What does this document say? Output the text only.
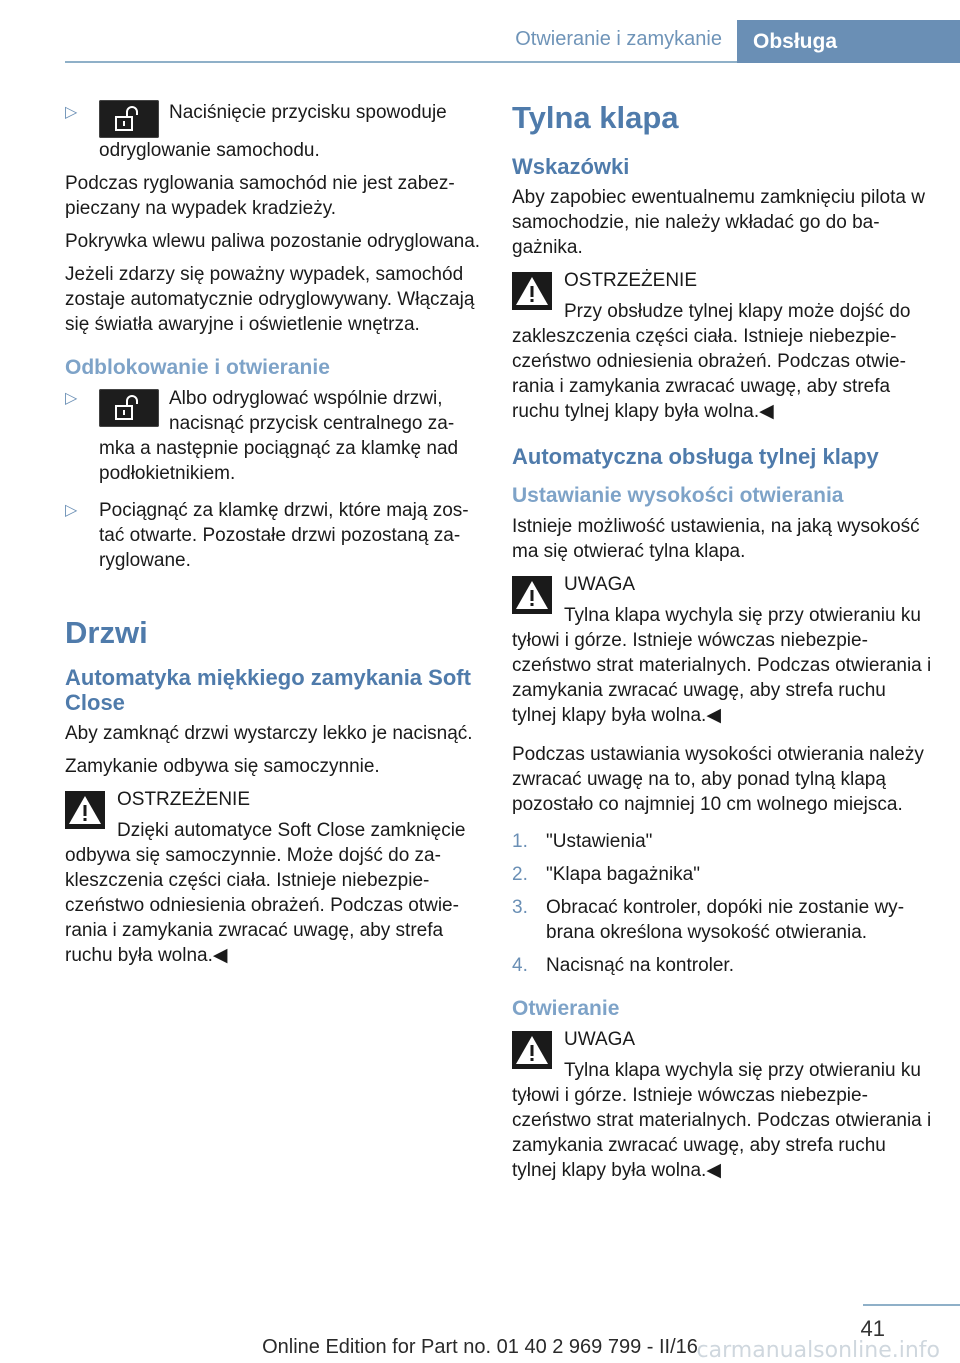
Otwieranie i zamykanie	Obsługa
▷	Naciśnięcie przycisku spowoduje odryglowanie samochodu.

Podczas ryglowania samochód nie jest zabezpieczany na wypadek kradzieży.

Pokrywka wlewu paliwa pozostanie odryglowana.

Jeżeli zdarzy się poważny wypadek, samochód zostaje automatycznie odryglowywany. Włączają się światła awaryjne i oświetlenie wnętrza.

Odblokowanie i otwieranie
▷	Albo odryglować wspólnie drzwi, nacisnąć przycisk centralnego zamka a następnie pociągnąć za klamkę nad podłokietnikiem.
▷ Pociągnąć za klamkę drzwi, które mają zostać otwarte. Pozostałe drzwi pozostaną zaryglowane.
Drzwi
Automatyka miękkiego zamykania Soft Close

Aby zamknąć drzwi wystarczy lekko je nacisnąć.

Zamykanie odbywa się samoczynnie.

OSTRZEŻENIE
Dzięki automatyce Soft Close zamknięcie odbywa się samoczynnie. Może dojść do zakleszczenia części ciała. Istnieje niebezpieczeństwo odniesienia obrażeń. Podczas otwierania i zamykania zwracać uwagę, aby strefa ruchu była wolna.◀
Tylna klapa
Wskazówki

Aby zapobiec ewentualnemu zamknięciu pilota w samochodzie, nie należy wkładać go do bagażnika.

OSTRZEŻENIE
Przy obsłudze tylnej klapy może dojść do zakleszczenia części ciała. Istnieje niebezpieczeństwo odniesienia obrażeń. Podczas otwierania i zamykania zwracać uwagę, aby strefa ruchu tylnej klapy była wolna.◀
Automatyczna obsługa tylnej klapy
Ustawianie wysokości otwierania

Istnieje możliwość ustawienia, na jaką wysokość ma się otwierać tylna klapa.

UWAGA
Tylna klapa wychyla się przy otwieraniu ku tyłowi i górze. Istnieje wówczas niebezpieczeństwo strat materialnych. Podczas otwierania i zamykania zwracać uwagę, aby strefa ruchu tylnej klapy była wolna.◀

Podczas ustawiania wysokości otwierania należy zwracać uwagę na to, aby ponad tylną klapą pozostało co najmniej 10 cm wolnego miejsca.

1. "Ustawienia"
2. "Klapa bagażnika"
3. Obracać kontroler, dopóki nie zostanie wybrana określona wysokość otwierania.
4. Nacisnąć na kontroler.
Otwieranie
UWAGA
Tylna klapa wychyla się przy otwieraniu ku tyłowi i górze. Istnieje wówczas niebezpieczeństwo strat materialnych. Podczas otwierania i zamykania zwracać uwagę, aby strefa ruchu tylnej klapy była wolna.◀
41
carmanualsonline.info
Online Edition for Part no. 01 40 2 969 799 - II/16
